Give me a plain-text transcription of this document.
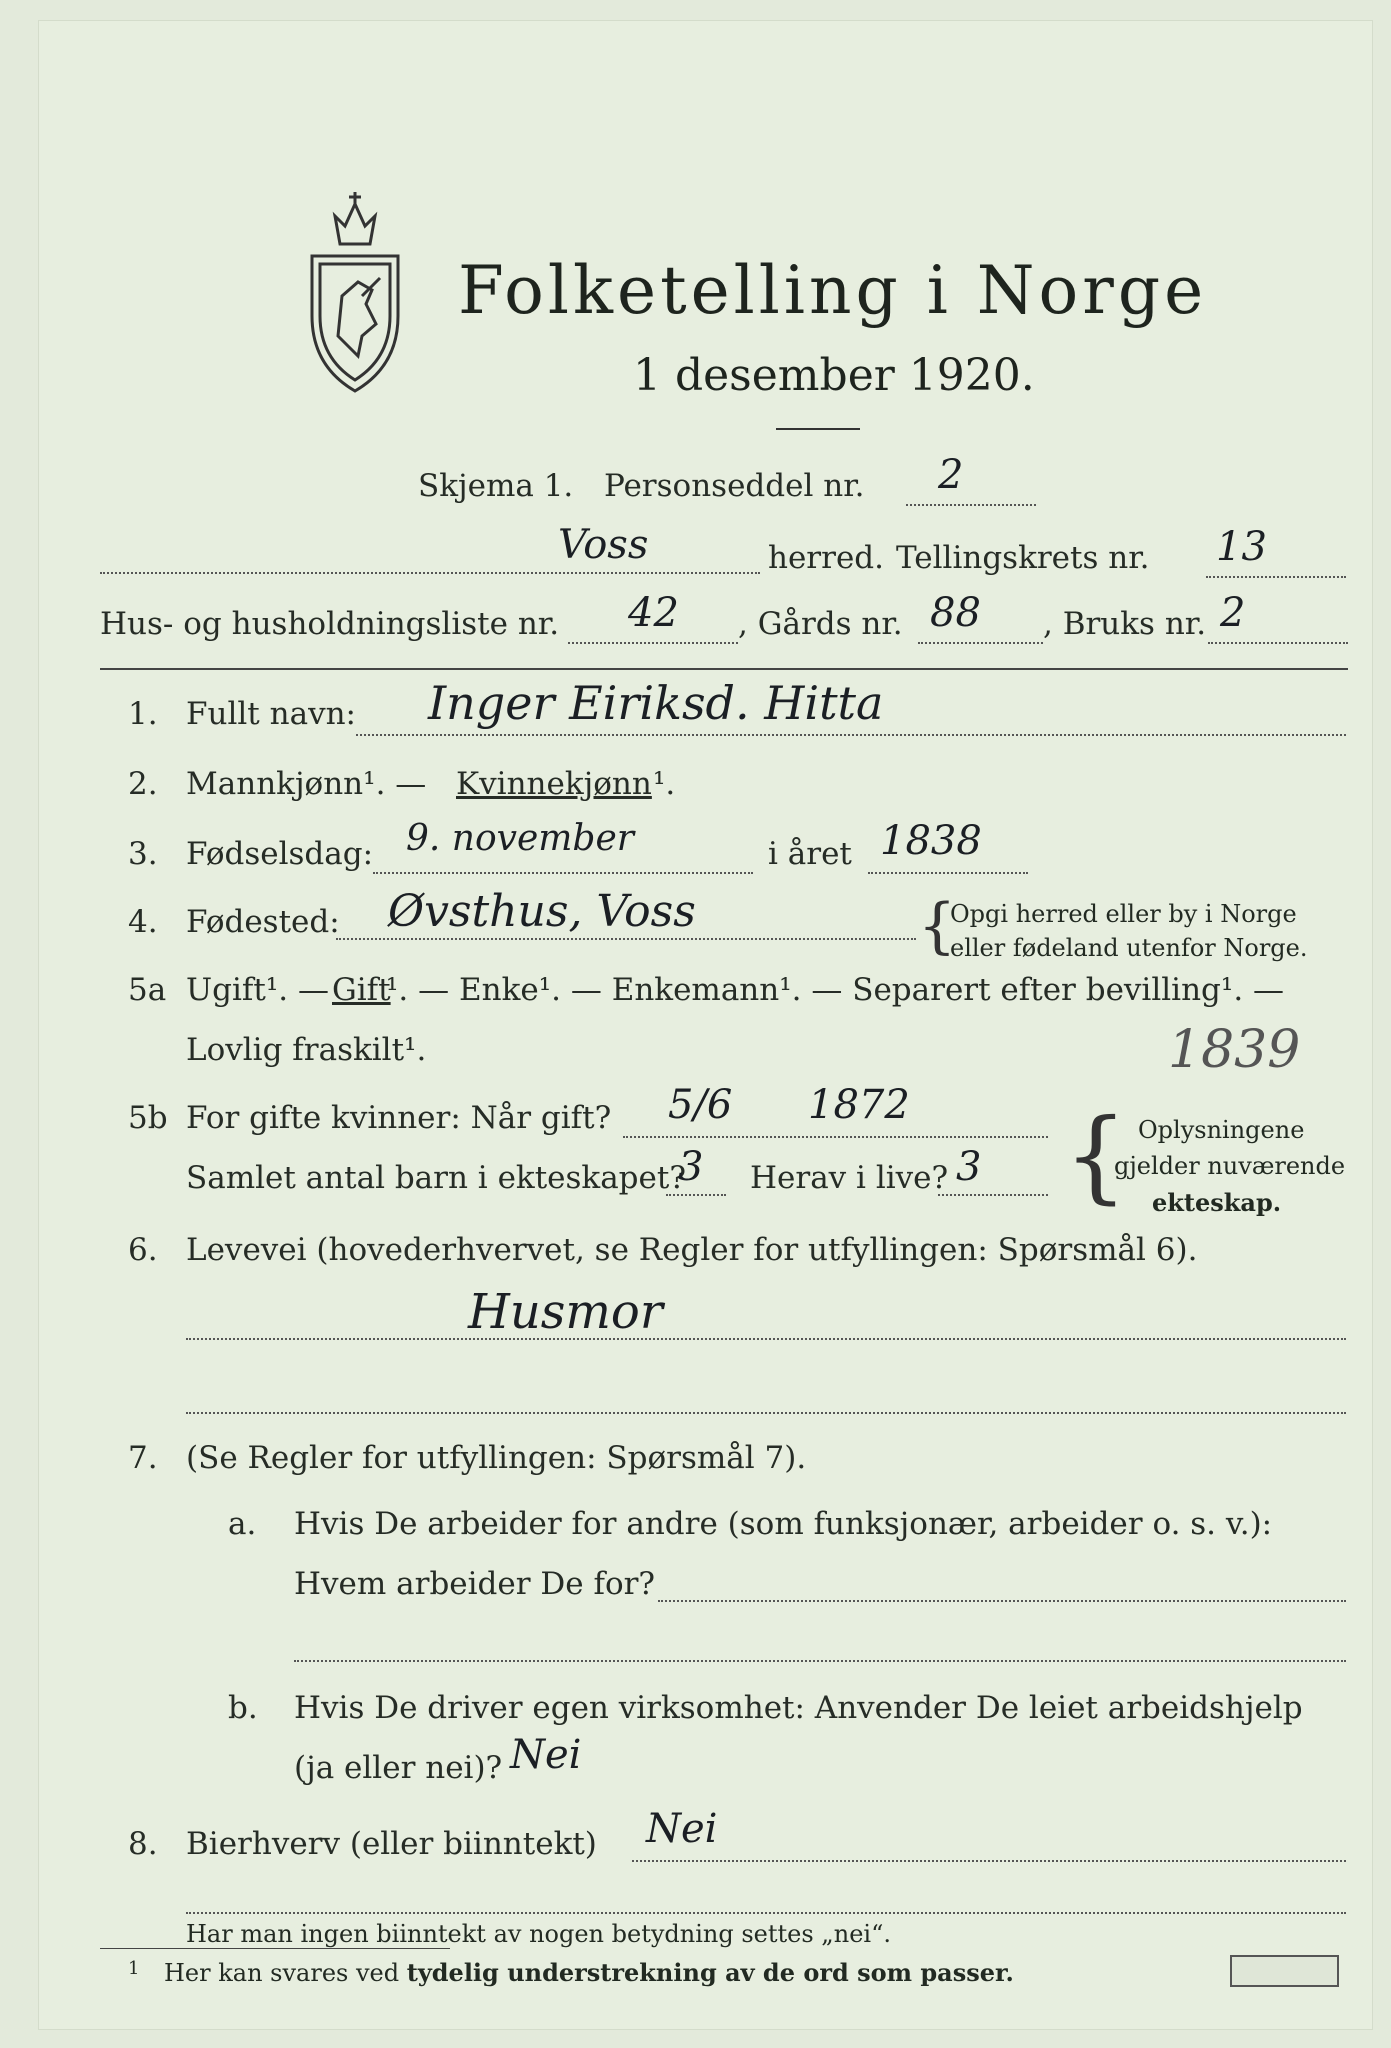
Folketelling i Norge
1 desember 1920.
Skjema 1. Personseddel nr. 2
Voss	herred. Tellingskrets nr. 13
Hus- og husholdningsliste nr. 42 , Gårds nr. 88 , Bruks nr. 2
1. Fullt navn: Inger Eiriksd. Hitta
2. Mannkjønn¹. — Kvinnekjønn ¹.
3. Fødselsdag: 9. november	i året 1838
4. Fødested: Øvsthus, Voss	{
Opgi herred eller by i Norge
eller fødeland utenfor Norge.
5a Ugift¹. — Gift
¹. — Enke¹. — Enkemann¹. — Separert efter bevilling¹. —
Lovlig fraskilt¹.	1839
5b For gifte kvinner: Når gift? 5/6 1872
Samlet antal barn i ekteskapet?
3 Herav i live? 3 { Oplysningene
gjelder nuværende
ekteskap.
6. Levevei (hovederhvervet, se Regler for utfyllingen: Spørsmål 6).
Husmor
7. (Se Regler for utfyllingen: Spørsmål 7).
a. Hvis De arbeider for andre (som funksjonær, arbeider o. s. v.):
Hvem arbeider De for?
b. Hvis De driver egen virksomhet: Anvender De leiet arbeidshjelp
(ja eller nei)? Nei
8. Bierhverv (eller biinntekt) Nei
Har man ingen biinntekt av nogen betydning settes „nei“.
1 Her kan svares ved tydelig understrekning av de ord som passer.
